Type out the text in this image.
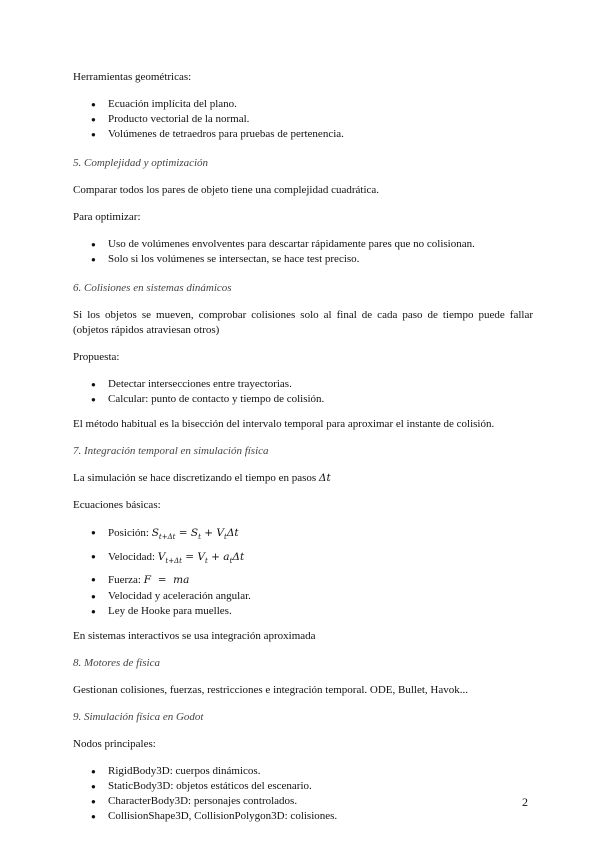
Herramientas geométricas:

● Ecuación implícita del plano.
● Producto vectorial de la normal.
● Volúmenes de tetraedros para pruebas de pertenencia.

5. Complejidad y optimización

Comparar todos los pares de objeto tiene una complejidad cuadrática.

Para optimizar:

● Uso de volúmenes envolventes para descartar rápidamente pares que no colisionan.
● Solo si los volúmenes se intersectan, se hace test preciso.

6. Colisiones en sistemas dinámicos

Si los objetos se mueven, comprobar colisiones solo al final de cada paso de tiempo puede fallar (objetos rápidos atraviesan otros)

Propuesta:

● Detectar intersecciones entre trayectorias.
● Calcular: punto de contacto y tiempo de colisión.

El método habitual es la bisección del intervalo temporal para aproximar el instante de colisión.

7. Integración temporal en simulación física

La simulación se hace discretizando el tiempo en pasos Δt

Ecuaciones básicas:

● Posición: $S_{t+\Delta t} = S_t + V_t\Delta t$
● Velocidad: $V_{t+\Delta t} = V_t + a_t\Delta t$
● Fuerza: F  =  ma
● Velocidad y aceleración angular.
● Ley de Hooke para muelles.

En sistemas interactivos se usa integración aproximada

8. Motores de física

Gestionan colisiones, fuerzas, restricciones e integración temporal. ODE, Bullet, Havok...

9. Simulación física en Godot

Nodos principales:

● RigidBody3D: cuerpos dinámicos.
● StaticBody3D: objetos estáticos del escenario.
● CharacterBody3D: personajes controlados.
● CollisionShape3D, CollisionPolygon3D: colisiones.
2
